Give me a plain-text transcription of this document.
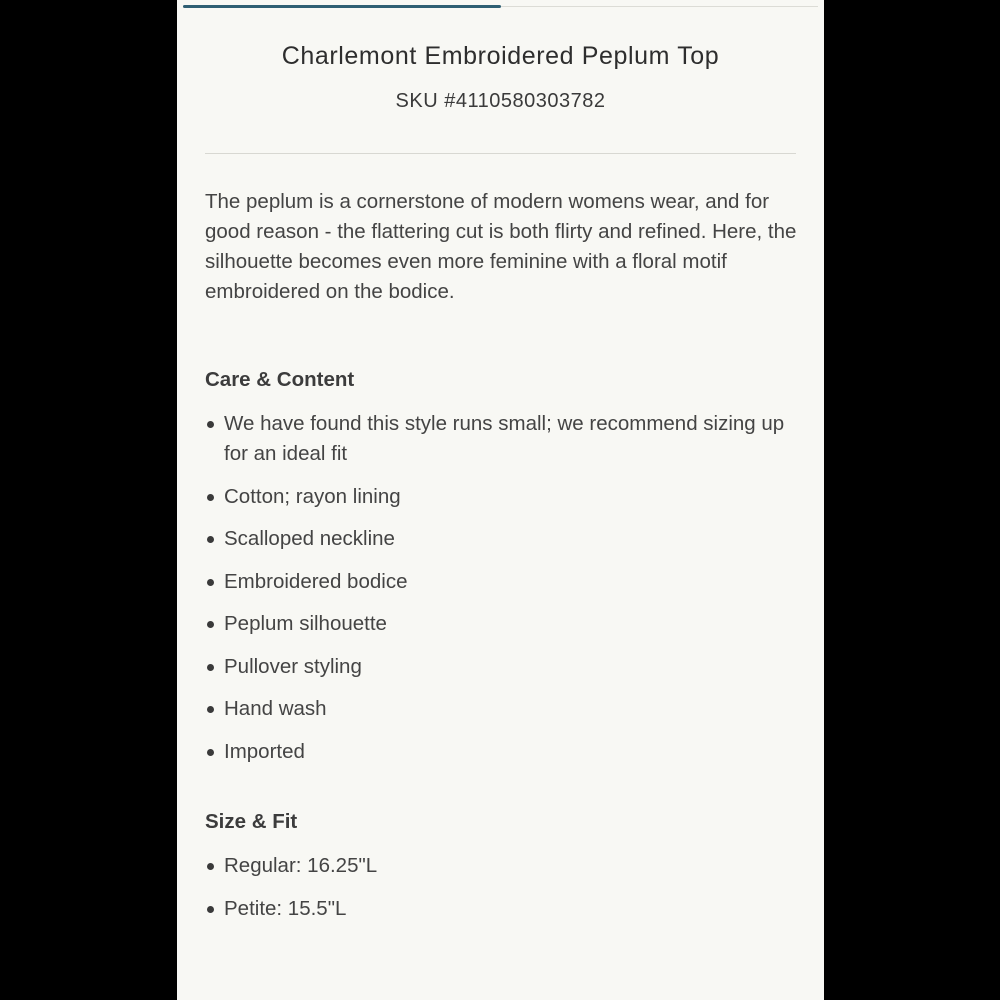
Charlemont Embroidered Peplum Top
SKU #4110580303782

The peplum is a cornerstone of modern womens wear, and for good reason - the flattering cut is both flirty and refined. Here, the silhouette becomes even more feminine with a floral motif embroidered on the bodice.

Care & Content
We have found this style runs small; we recommend sizing up for an ideal fit
Cotton; rayon lining
Scalloped neckline
Embroidered bodice
Peplum silhouette
Pullover styling
Hand wash
Imported
Size & Fit
Regular: 16.25"L
Petite: 15.5"L
